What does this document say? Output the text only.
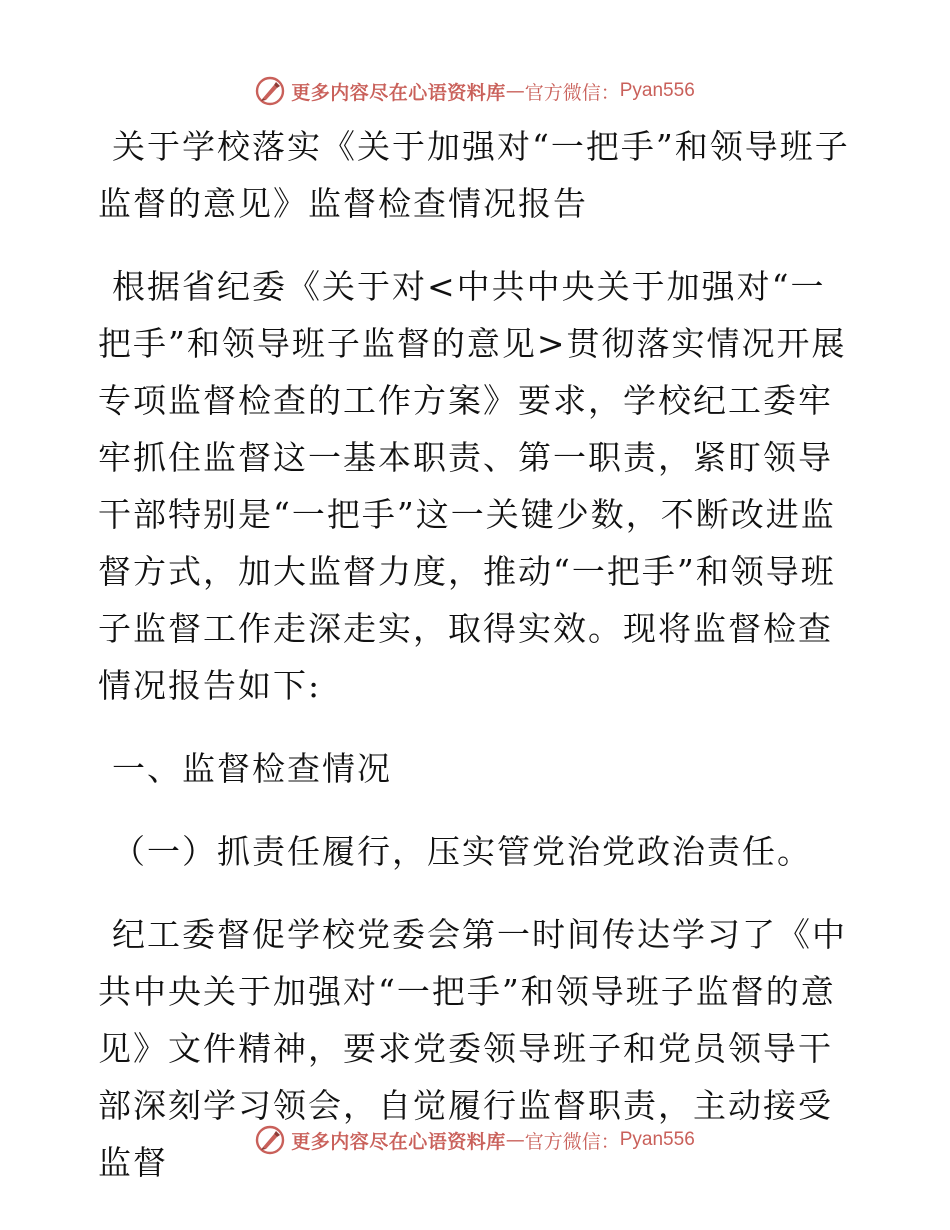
更多内容尽在心语资料库 — 官方微信： Pyan556
关于学校落实《关于加强对“一把手”和领导班子监督的意见》监督检查情况报告

根据省纪委《关于对<中共中央关于加强对“一把手”和领导班子监督的意见>贯彻落实情况开展专项监督检查的工作方案》要求，学校纪工委牢牢抓住监督这一基本职责、第一职责，紧盯领导干部特别是“一把手”这一关键少数，不断改进监督方式，加大监督力度，推动“一把手”和领导班子监督工作走深走实，取得实效。现将监督检查情况报告如下:

一、监督检查情况

（一）抓责任履行，压实管党治党政治责任。

纪工委督促学校党委会第一时间传达学习了《中共中央关于加强对“一把手”和领导班子监督的意见》文件精神，要求党委领导班子和党员领导干部深刻学习领会，自觉履行监督职责，主动接受监督

更多内容尽在心语资料库 — 官方微信： Pyan556
